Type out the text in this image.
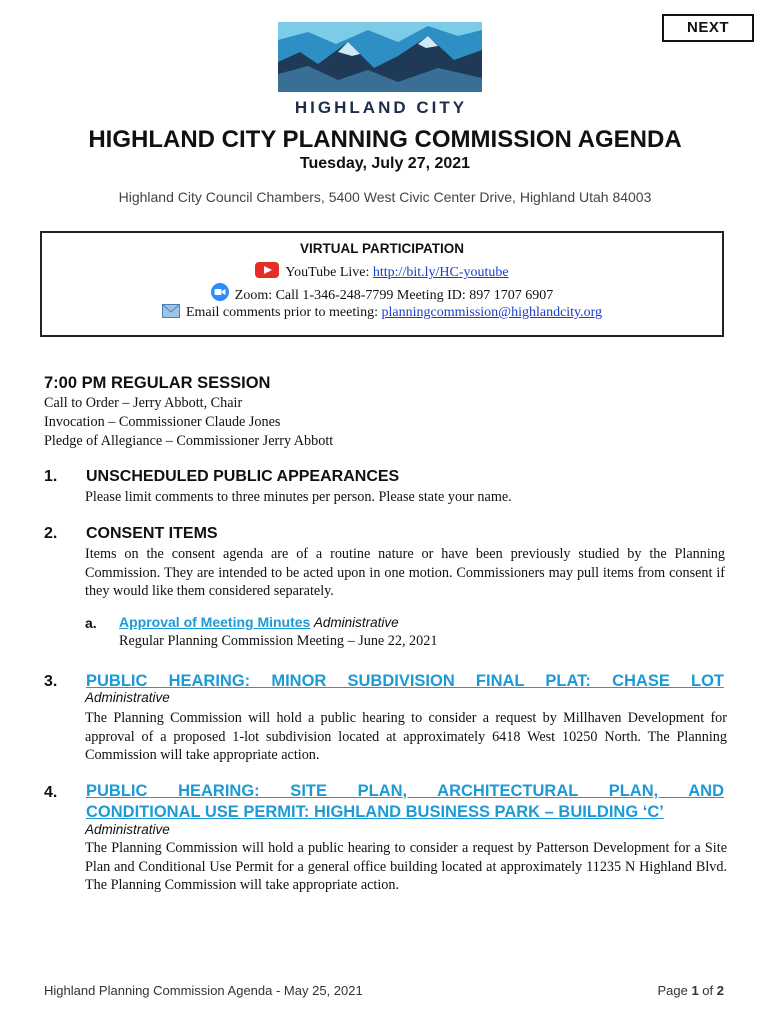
NEXT
HIGHLAND CITY
HIGHLAND CITY PLANNING COMMISSION AGENDA
Tuesday, July 27, 2021
Highland City Council Chambers, 5400 West Civic Center Drive, Highland Utah 84003
VIRTUAL PARTICIPATION
YouTube Live: http://bit.ly/HC-youtube
Zoom: Call 1-346-248-7799 Meeting ID: 897 1707 6907
Email comments prior to meeting: planningcommission@highlandcity.org
7:00 PM REGULAR SESSION
Call to Order – Jerry Abbott, Chair
Invocation – Commissioner Claude Jones
Pledge of Allegiance – Commissioner Jerry Abbott
1. UNSCHEDULED PUBLIC APPEARANCES
Please limit comments to three minutes per person. Please state your name.
2. CONSENT ITEMS
Items on the consent agenda are of a routine nature or have been previously studied by the Planning Commission. They are intended to be acted upon in one motion. Commissioners may pull items from consent if they would like them considered separately.
a. Approval of Meeting Minutes Administrative
Regular Planning Commission Meeting – June 22, 2021
3. PUBLIC HEARING: MINOR SUBDIVISION FINAL PLAT: CHASE LOT
Administrative
The Planning Commission will hold a public hearing to consider a request by Millhaven Development for approval of a proposed 1-lot subdivision located at approximately 6418 West 10250 North. The Planning Commission will take appropriate action.
4. PUBLIC HEARING: SITE PLAN, ARCHITECTURAL PLAN, AND
CONDITIONAL USE PERMIT: HIGHLAND BUSINESS PARK – BUILDING ‘C’
Administrative
The Planning Commission will hold a public hearing to consider a request by Patterson Development for a Site Plan and Conditional Use Permit for a general office building located at approximately 11235 N Highland Blvd. The Planning Commission will take appropriate action.
Highland Planning Commission Agenda - May 25, 2021	Page 1 of 2
